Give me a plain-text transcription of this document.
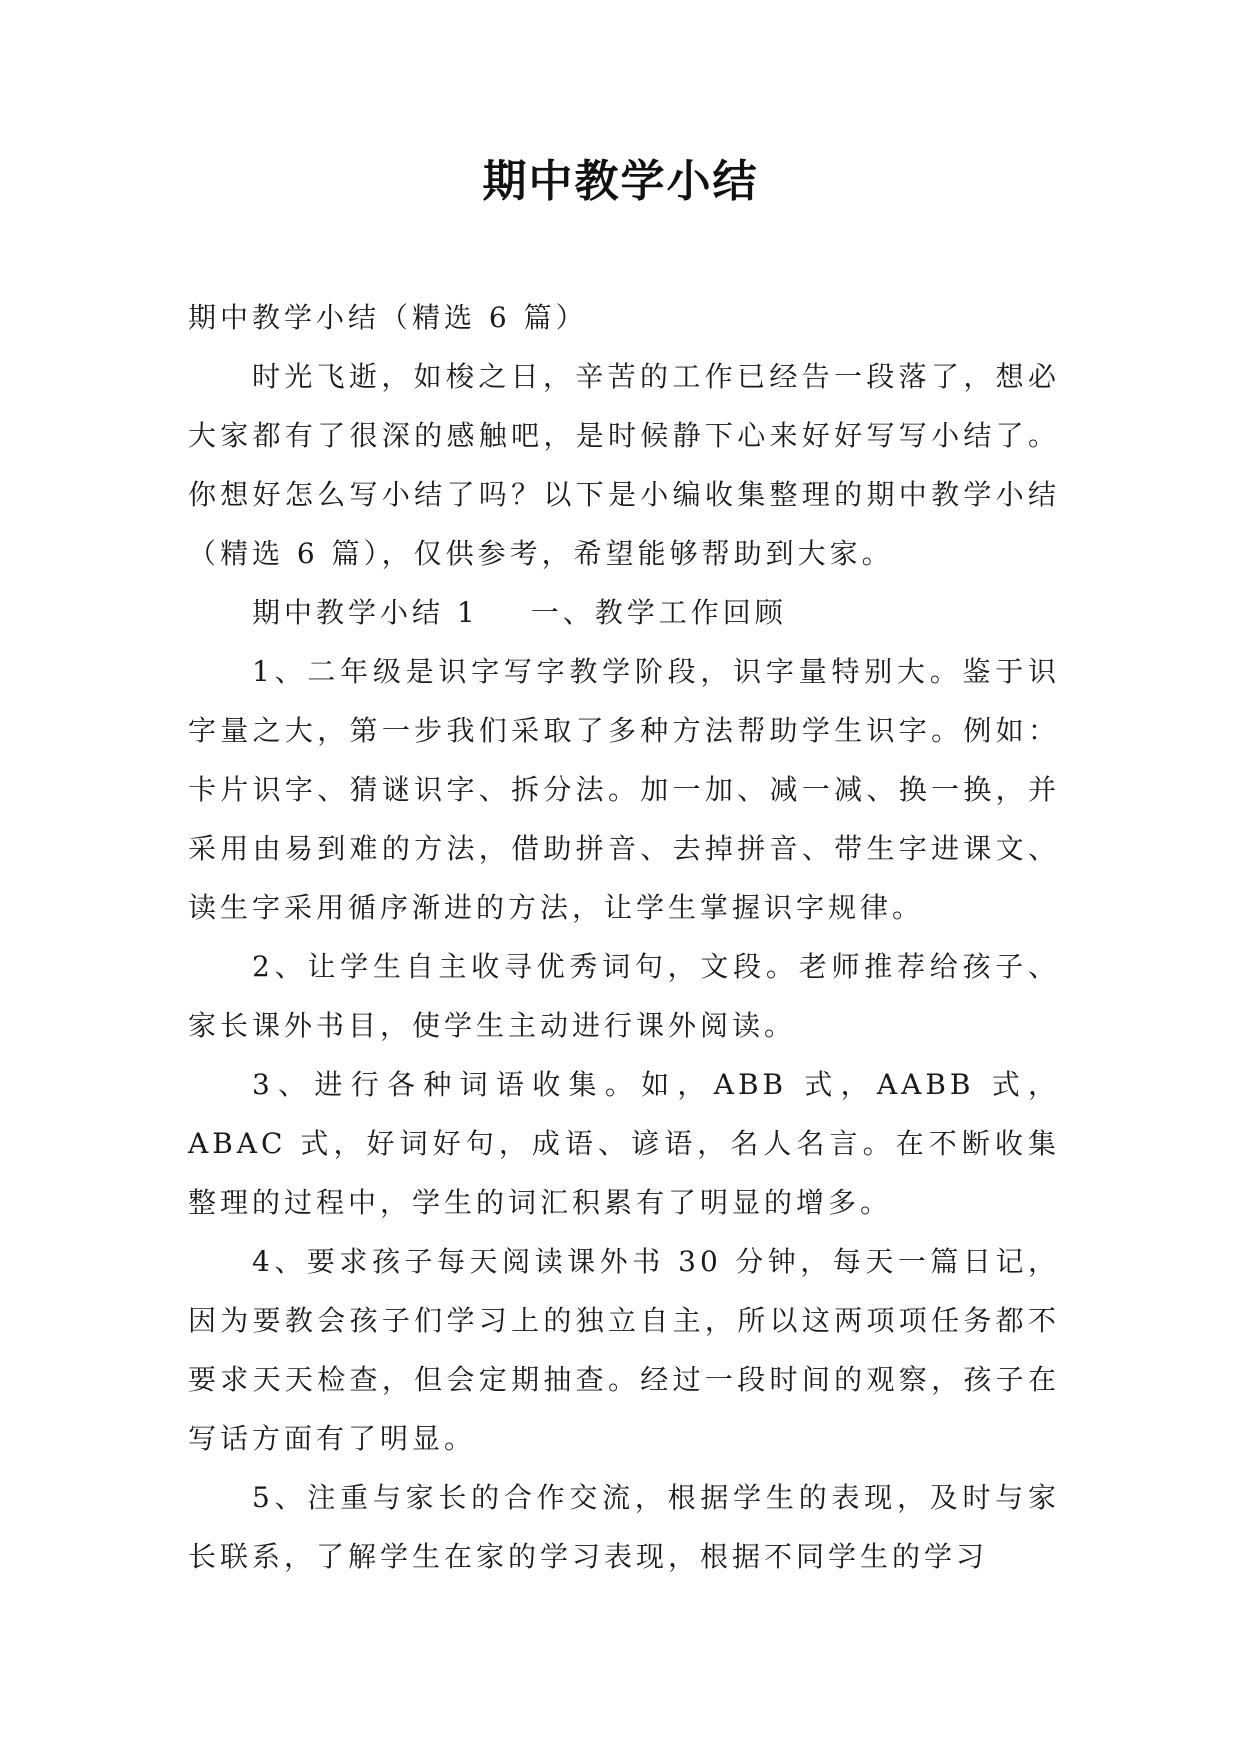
期中教学小结

期中教学小结（精选 6 篇）

时光飞逝，如梭之日，辛苦的工作已经告一段落了，想必大家都有了很深的感触吧，是时候静下心来好好写写小结了。你想好怎么写小结了吗？以下是小编收集整理的期中教学小结（精选 6 篇），仅供参考，希望能够帮助到大家。

期中教学小结 1 一、教学工作回顾

1、二年级是识字写字教学阶段，识字量特别大。鉴于识字量之大，第一步我们采取了多种方法帮助学生识字。例如：卡片识字、猜谜识字、拆分法。加一加、减一减、换一换，并采用由易到难的方法，借助拼音、去掉拼音、带生字进课文、读生字采用循序渐进的方法，让学生掌握识字规律。

2、让学生自主收寻优秀词句，文段。老师推荐给孩子、家长课外书目，使学生主动进行课外阅读。

3、进行各种词语收集。如，ABB 式，AABB 式，ABAC 式，好词好句，成语、谚语，名人名言。在不断收集整理的过程中，学生的词汇积累有了明显的增多。

4、要求孩子每天阅读课外书 30 分钟，每天一篇日记，因为要教会孩子们学习上的独立自主，所以这两项项任务都不要求天天检查，但会定期抽查。经过一段时间的观察，孩子在写话方面有了明显。

5、注重与家长的合作交流，根据学生的表现，及时与家长联系，了解学生在家的学习表现，根据不同学生的学习
